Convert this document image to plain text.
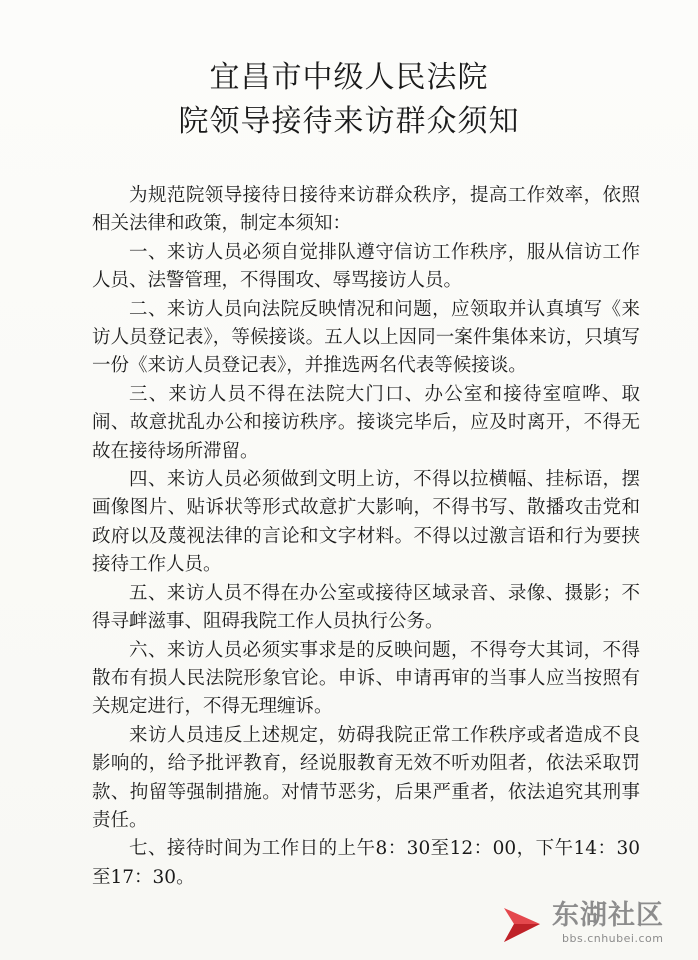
宜昌市中级人民法院
院领导接待来访群众须知

为规范院领导接待日接待来访群众秩序，提高工作效率，依照相关法律和政策，制定本须知：

一、来访人员必须自觉排队遵守信访工作秩序，服从信访工作人员、法警管理，不得围攻、辱骂接访人员。

二、来访人员向法院反映情况和问题，应领取并认真填写《来访人员登记表》，等候接谈。五人以上因同一案件集体来访，只填写一份《来访人员登记表》，并推选两名代表等候接谈。

三、来访人员不得在法院大门口、办公室和接待室喧哗、取闹、故意扰乱办公和接访秩序。接谈完毕后，应及时离开，不得无故在接待场所滞留。

四、来访人员必须做到文明上访，不得以拉横幅、挂标语，摆画像图片、贴诉状等形式故意扩大影响，不得书写、散播攻击党和政府以及蔑视法律的言论和文字材料。不得以过激言语和行为要挟接待工作人员。

五、来访人员不得在办公室或接待区域录音、录像、摄影；不得寻衅滋事、阻碍我院工作人员执行公务。

六、来访人员必须实事求是的反映问题，不得夸大其词，不得散布有损人民法院形象官论。申诉、申请再审的当事人应当按照有关规定进行，不得无理缠诉。

来访人员违反上述规定，妨碍我院正常工作秩序或者造成不良影响的，给予批评教育，经说服教育无效不听劝阻者，依法采取罚款、拘留等强制措施。对情节恶劣，后果严重者，依法追究其刑事责任。

七、接待时间为工作日的上午8：30至12：00，下午14：30至17：30。

东湖社区
bbs.cnhubei.com
